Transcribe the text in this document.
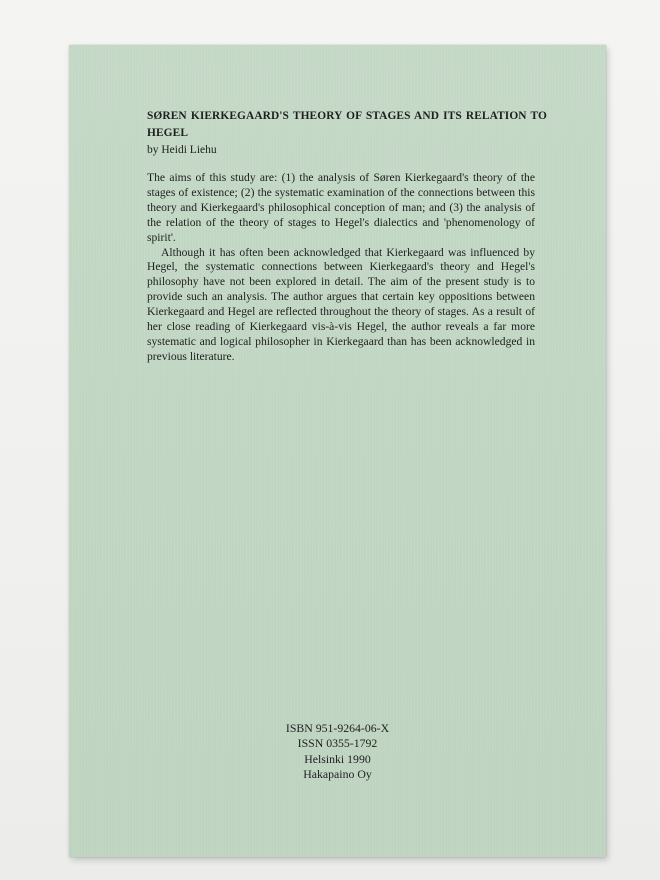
SØREN KIERKEGAARD'S THEORY OF STAGES AND ITS RELATION TO HEGEL
by Heidi Liehu

The aims of this study are: (1) the analysis of Søren Kierkegaard's theory of the stages of existence; (2) the systematic examination of the connections between this theory and Kierkegaard's philosophical conception of man; and (3) the analysis of the relation of the theory of stages to Hegel's dialectics and 'phenomenology of spirit'.

Although it has often been acknowledged that Kierkegaard was influenced by Hegel, the systematic connections between Kierkegaard's theory and Hegel's philosophy have not been explored in detail. The aim of the present study is to provide such an analysis. The author argues that certain key oppositions between Kierkegaard and Hegel are reflected throughout the theory of stages. As a result of her close reading of Kierkegaard vis-à-vis Hegel, the author reveals a far more systematic and logical philosopher in Kierkegaard than has been acknowledged in previous literature.

ISBN 951-9264-06-X
ISSN 0355-1792
Helsinki 1990
Hakapaino Oy
